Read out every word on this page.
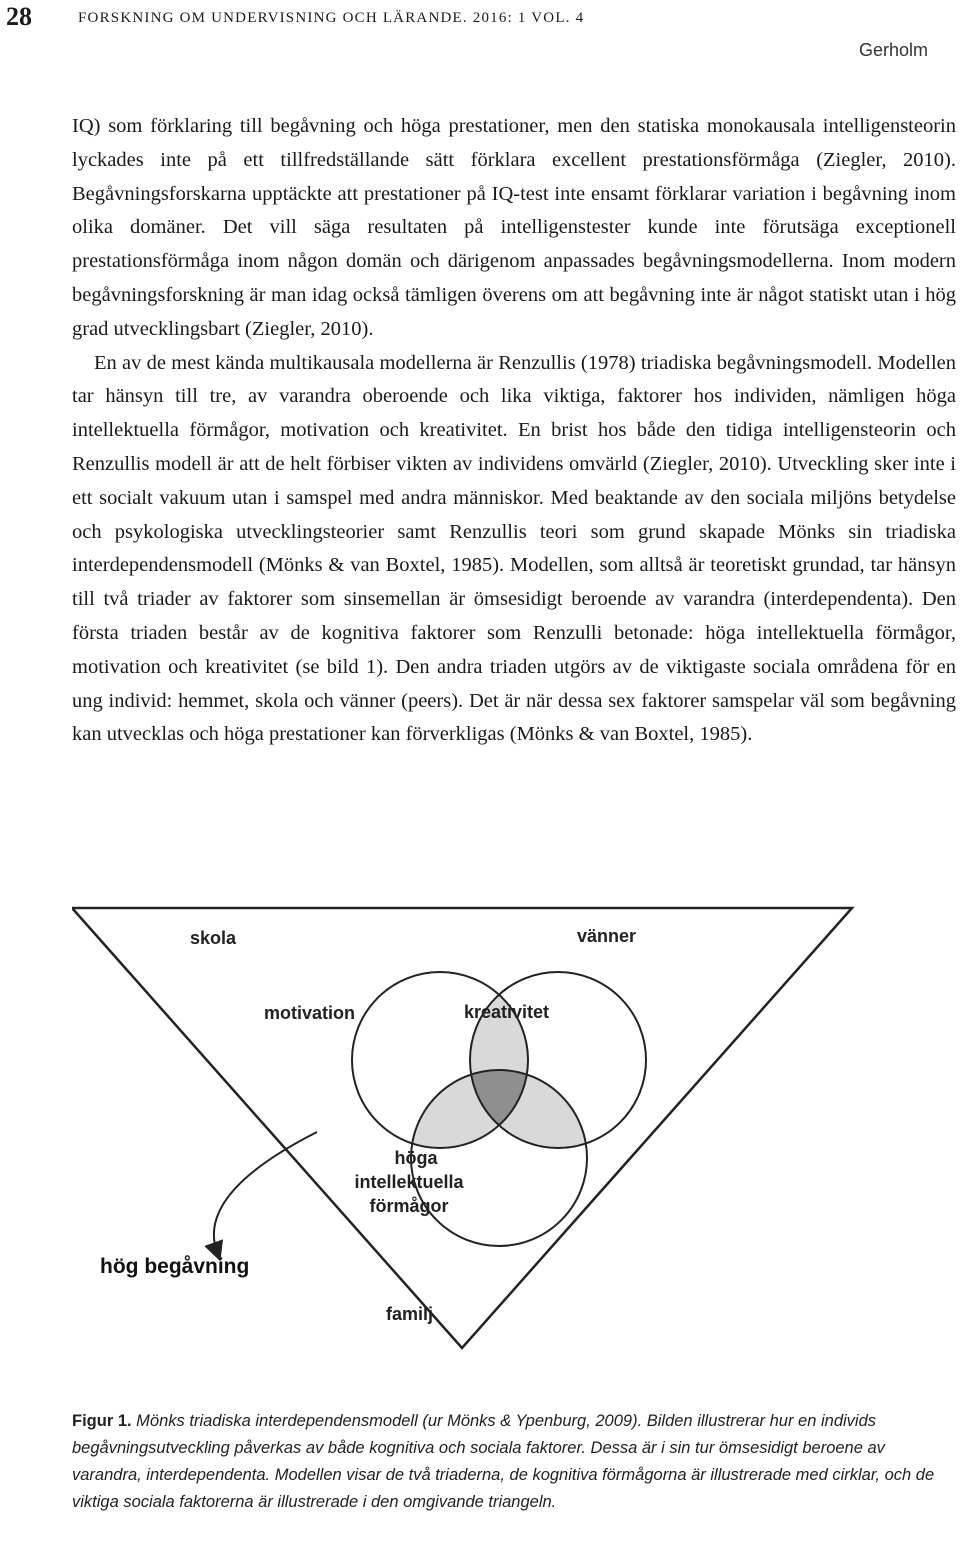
28	FORSKNING OM UNDERVISNING OCH LÄRANDE. 2016: 1 VOL. 4
Gerholm

IQ) som förklaring till begåvning och höga prestationer, men den statiska monokausala intelligensteorin lyckades inte på ett tillfredställande sätt förklara excellent prestationsförmåga (Ziegler, 2010). Begåvningsforskarna upptäckte att prestationer på IQ-test inte ensamt förklarar variation i begåvning inom olika domäner. Det vill säga resultaten på intelligenstester kunde inte förutsäga exceptionell prestationsförmåga inom någon domän och därigenom anpassades begåvningsmodellerna. Inom modern begåvningsforskning är man idag också tämligen överens om att begåvning inte är något statiskt utan i hög grad utvecklingsbart (Ziegler, 2010).

En av de mest kända multikausala modellerna är Renzullis (1978) triadiska begåvningsmodell. Modellen tar hänsyn till tre, av varandra oberoende och lika viktiga, faktorer hos individen, nämligen höga intellektuella förmågor, motivation och kreativitet. En brist hos både den tidiga intelligensteorin och Renzullis modell är att de helt förbiser vikten av individens omvärld (Ziegler, 2010). Utveckling sker inte i ett socialt vakuum utan i samspel med andra människor. Med beaktande av den sociala miljöns betydelse och psykologiska utvecklingsteorier samt Renzullis teori som grund skapade Mönks sin triadiska interdependensmodell (Mönks & van Boxtel, 1985). Modellen, som alltså är teoretiskt grundad, tar hänsyn till två triader av faktorer som sinsemellan är ömsesidigt beroende av varandra (interdependenta). Den första triaden består av de kognitiva faktorer som Renzulli betonade: höga intellektuella förmågor, motivation och kreativitet (se bild 1). Den andra triaden utgörs av de viktigaste sociala områdena för en ung individ: hemmet, skola och vänner (peers). Det är när dessa sex faktorer samspelar väl som begåvning kan utvecklas och höga prestationer kan förverkligas (Mönks & van Boxtel, 1985).

skola	vänner
motivation	kreativitet
höga
intellektuella
förmågor
hög begåvning
familj
Figur 1. Mönks triadiska interdependensmodell (ur Mönks & Ypenburg, 2009). Bilden illustrerar hur en individs begåvningsutveckling påverkas av både kognitiva och sociala faktorer. Dessa är i sin tur ömsesidigt beroene av varandra, interdependenta. Modellen visar de två triaderna, de kognitiva förmågorna är illustrerade med cirklar, och de viktiga sociala faktorerna är illustrerade i den omgivande triangeln.
